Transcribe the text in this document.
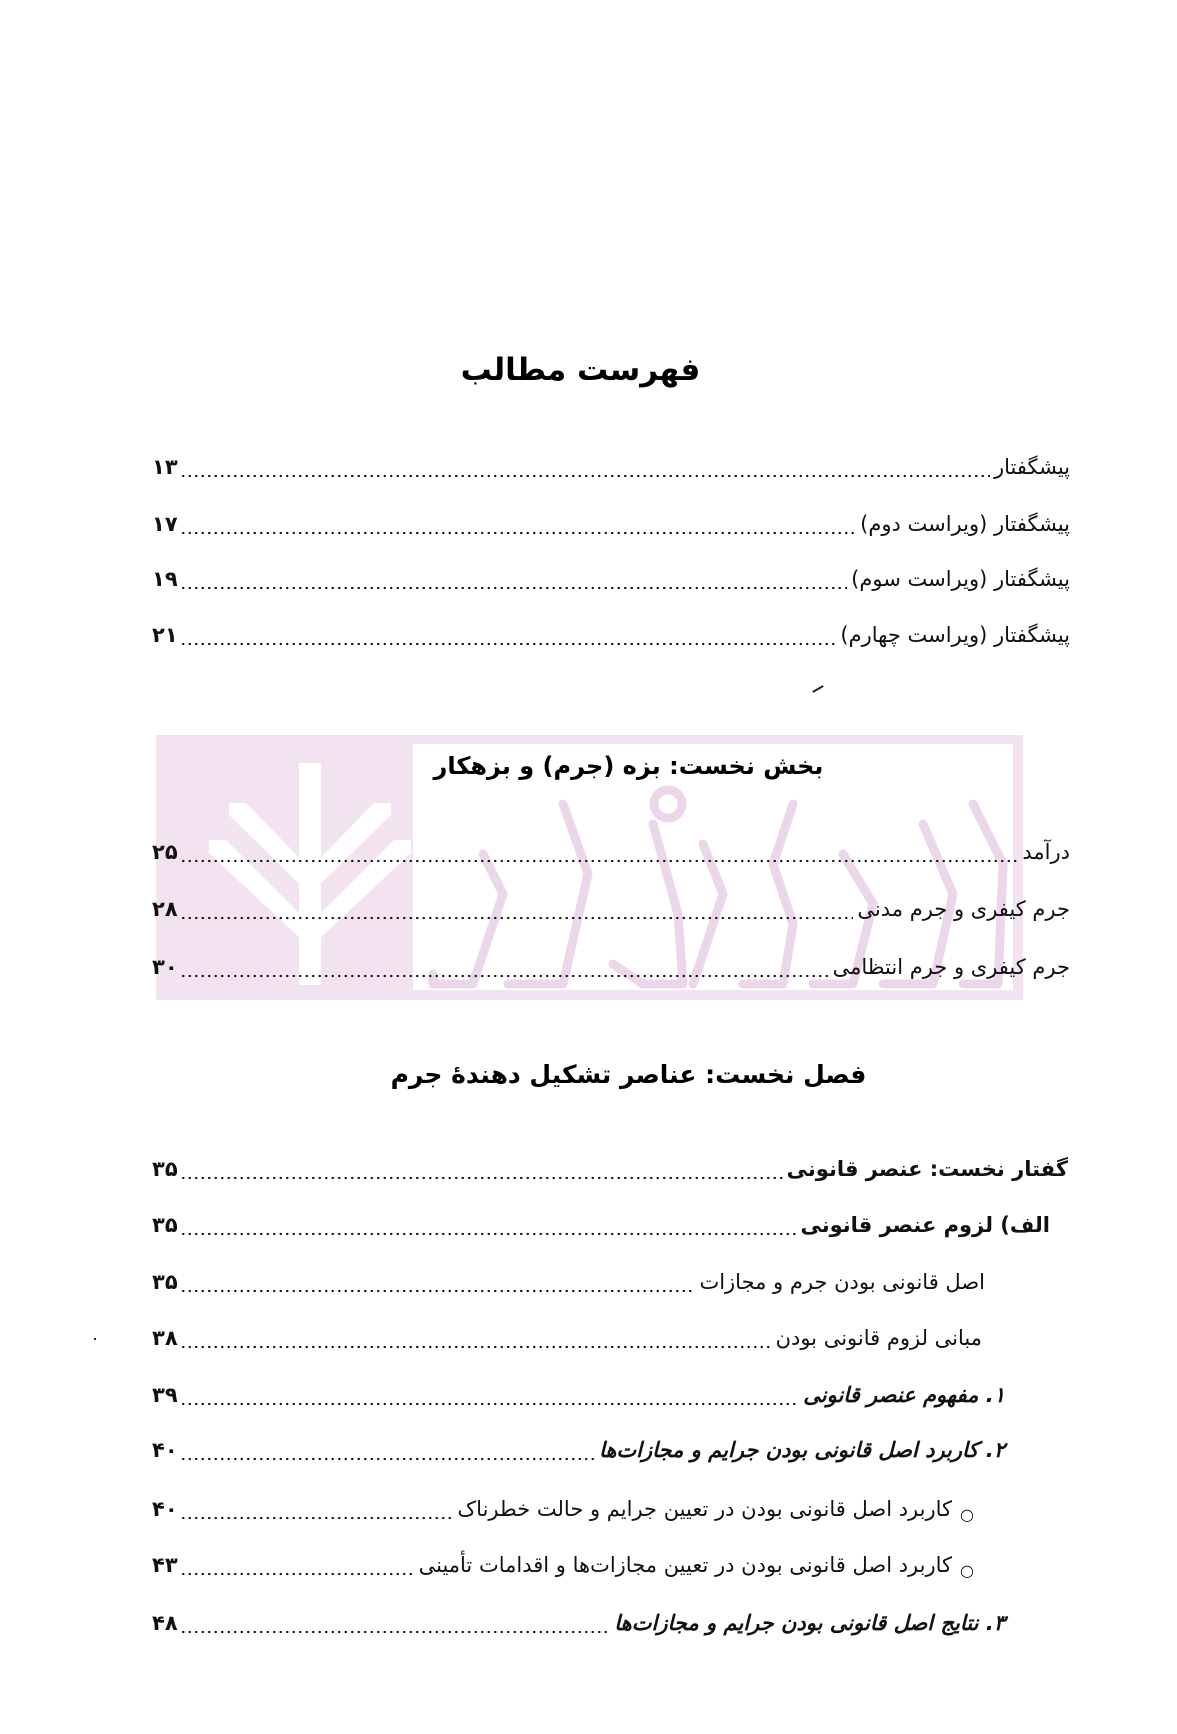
فهرست مطالب
پیشگفتار
۱۳
پیشگفتار (ویراست دوم)
۱۷
پیشگفتار (ویراست سوم)
۱۹
پیشگفتار (ویراست چهارم)
۲۱
بخش نخست: بزه (جرم) و بزهکار
درآمد
۲۵
جرم کیفری و جرم مدنی
۲۸
جرم کیفری و جرم انتظامی
۳۰
فصل نخست: عناصر تشکیل دهندهٔ جرم
گفتار نخست: عنصر قانونی
۳۵
الف) لزوم عنصر قانونی
۳۵
اصل قانونی بودن جرم و مجازات
۳۵
مبانی لزوم قانونی بودن
۳۸
۱. مفهوم عنصر قانونی
۳۹
۲. کاربرد اصل قانونی بودن جرایم و مجازات‌ها
۴۰
○
کاربرد اصل قانونی بودن در تعیین جرایم و حالت خطرناک
۴۰
○
کاربرد اصل قانونی بودن در تعیین مجازات‌ها و اقدامات تأمینی
۴۳
۳. نتایج اصل قانونی بودن جرایم و مجازات‌ها
۴۸
